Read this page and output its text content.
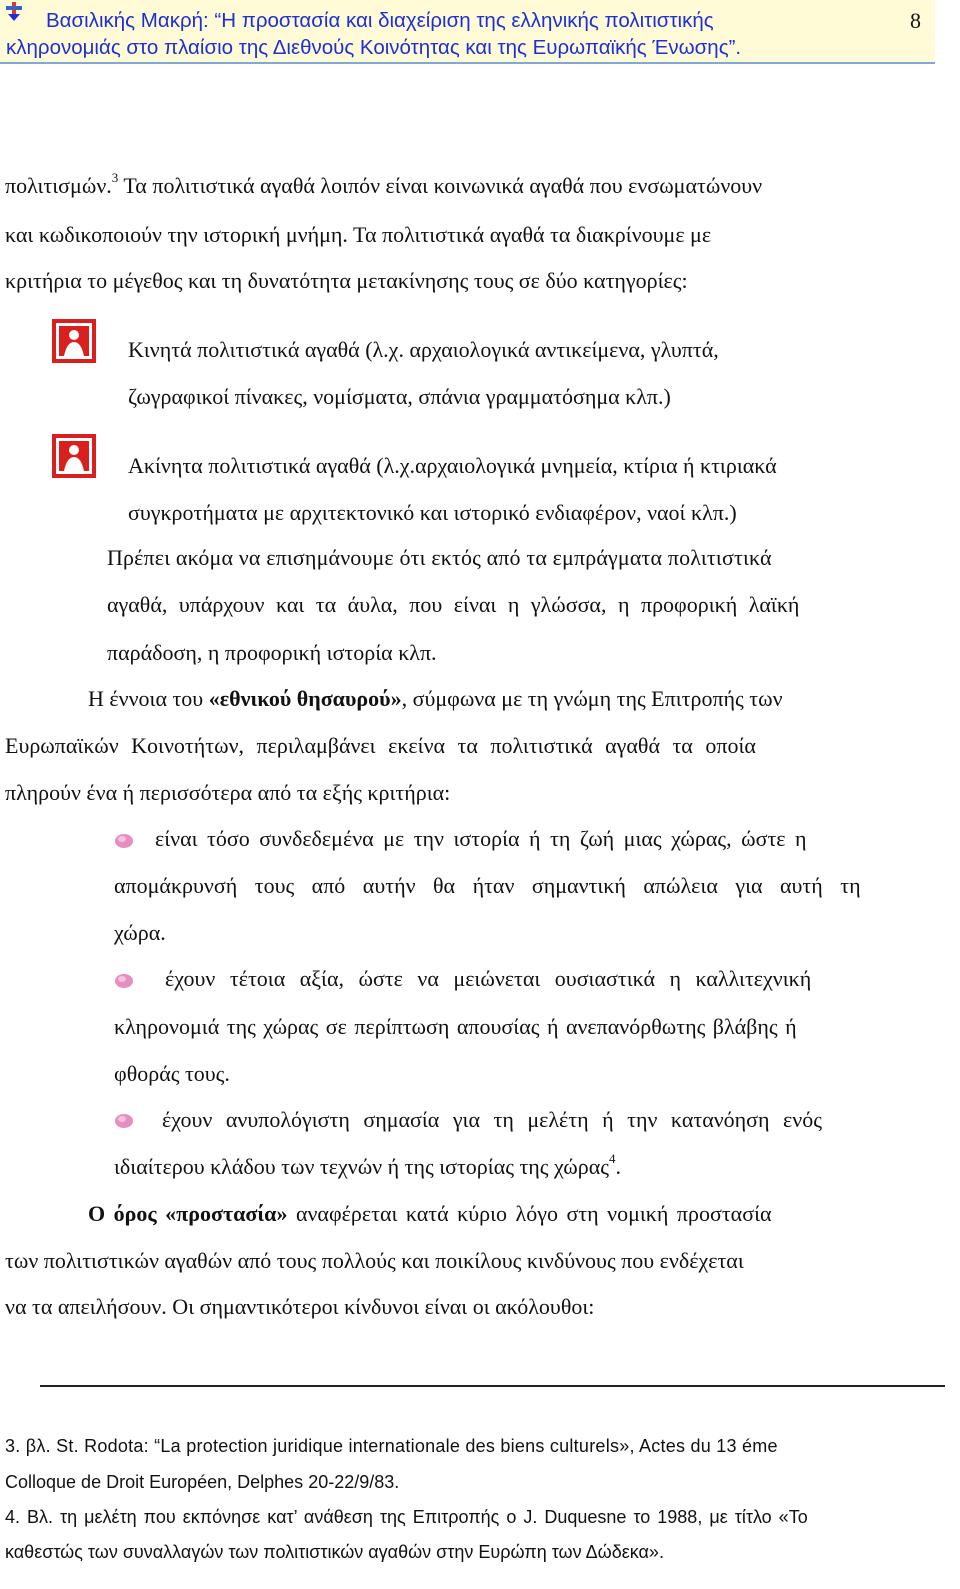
Βασιλικής Μακρή: “Η προστασία και διαχείριση της ελληνικής πολιτιστικής
κληρονομιάς στο πλαίσιο της Διεθνούς Κοινότητας και της Ευρωπαϊκής Ένωσης”.
8
πολιτισμών.$^3$ Τα πολιτιστικά αγαθά λοιπόν είναι κοινωνικά αγαθά που ενσωματώνουν
και κωδικοποιούν την ιστορική μνήμη. Τα πολιτιστικά αγαθά τα διακρίνουμε με
κριτήρια το μέγεθος και τη δυνατότητα μετακίνησης τους σε δύο κατηγορίες:
Κινητά πολιτιστικά αγαθά (λ.χ. αρχαιολογικά αντικείμενα, γλυπτά,
ζωγραφικοί πίνακες, νομίσματα, σπάνια γραμματόσημα κλπ.)
Ακίνητα πολιτιστικά αγαθά (λ.χ.αρχαιολογικά μνημεία, κτίρια ή κτιριακά
συγκροτήματα με αρχιτεκτονικό και ιστορικό ενδιαφέρον, ναοί κλπ.)
Πρέπει ακόμα να επισημάνουμε ότι εκτός από τα εμπράγματα πολιτιστικά
αγαθά, υπάρχουν και τα άυλα, που είναι η γλώσσα, η προφορική λαϊκή
παράδοση, η προφορική ιστορία κλπ.
Η έννοια του «εθνικού θησαυρού», σύμφωνα με τη γνώμη της Επιτροπής των
Ευρωπαϊκών Κοινοτήτων, περιλαμβάνει εκείνα τα πολιτιστικά αγαθά τα οποία
πληρούν ένα ή περισσότερα από τα εξής κριτήρια:
είναι τόσο συνδεδεμένα με την ιστορία ή τη ζωή μιας χώρας, ώστε η
απομάκρυνσή τους από αυτήν θα ήταν σημαντική απώλεια για αυτή τη
χώρα.
έχουν τέτοια αξία, ώστε να μειώνεται ουσιαστικά η καλλιτεχνική
κληρονομιά της χώρας σε περίπτωση απουσίας ή ανεπανόρθωτης βλάβης ή
φθοράς τους.
έχουν ανυπολόγιστη σημασία για τη μελέτη ή την κατανόηση ενός
ιδιαίτερου κλάδου των τεχνών ή της ιστορίας της χώρας$^4$.
Ο όρος «προστασία» αναφέρεται κατά κύριο λόγο στη νομική προστασία
των πολιτιστικών αγαθών από τους πολλούς και ποικίλους κινδύνους που ενδέχεται
να τα απειλήσουν. Οι σημαντικότεροι κίνδυνοι είναι οι ακόλουθοι:
3. βλ. St. Rodota: “La protection juridique internationale des biens culturels», Actes du 13 éme
Colloque de Droit Européen, Delphes 20-22/9/83.
4. Βλ. τη μελέτη που εκπόνησε κατ’ ανάθεση της Επιτροπής ο J. Duquesne το 1988, με τίτλο «Το
καθεστώς των συναλλαγών των πολιτιστικών αγαθών στην Ευρώπη των Δώδεκα».
